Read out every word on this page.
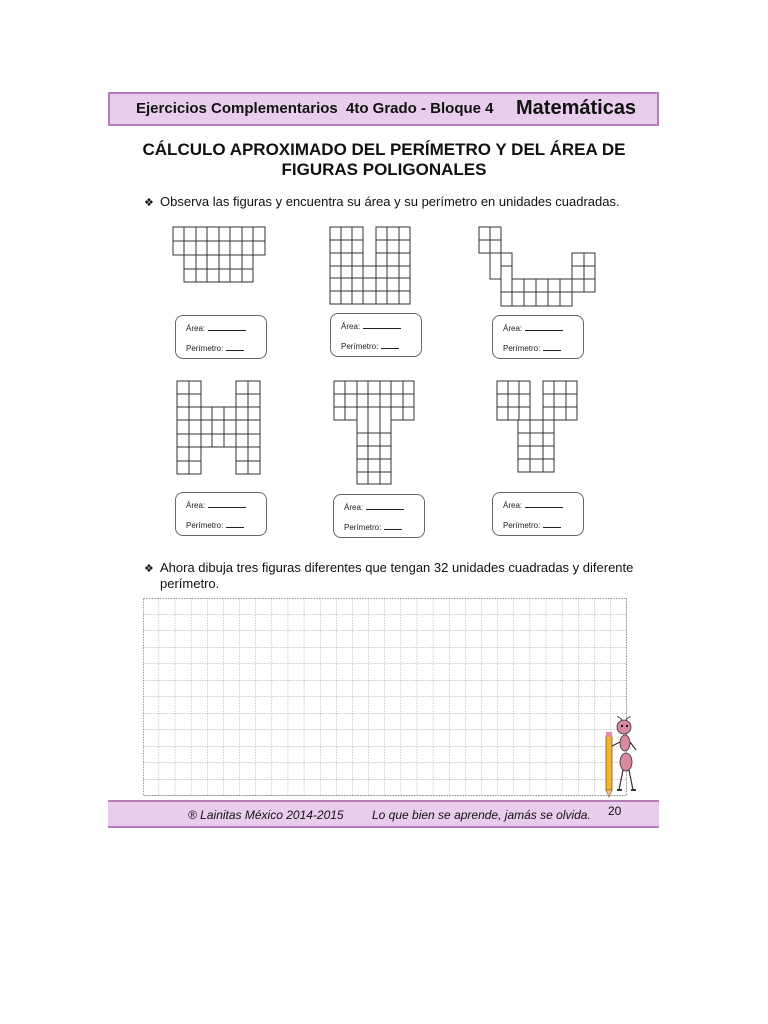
Ejercicios Complementarios 4to Grado - Bloque 4 Matemáticas
CÁLCULO APROXIMADO DEL PERÍMETRO Y DEL ÁREA DE
FIGURAS POLIGONALES
❖ Observa las figuras y encuentra su área y su perímetro en unidades cuadradas.
Área:
Perímetro:
Área:
Perímetro:
Área:
Perímetro:
Área:
Perímetro:
Área:
Perímetro:
Área:
Perímetro:
❖ Ahora dibuja tres figuras diferentes que tengan 32 unidades cuadradas y diferente
perímetro.
® Lainitas México 2014-2015 Lo que bien se aprende, jamás se olvida. 20
